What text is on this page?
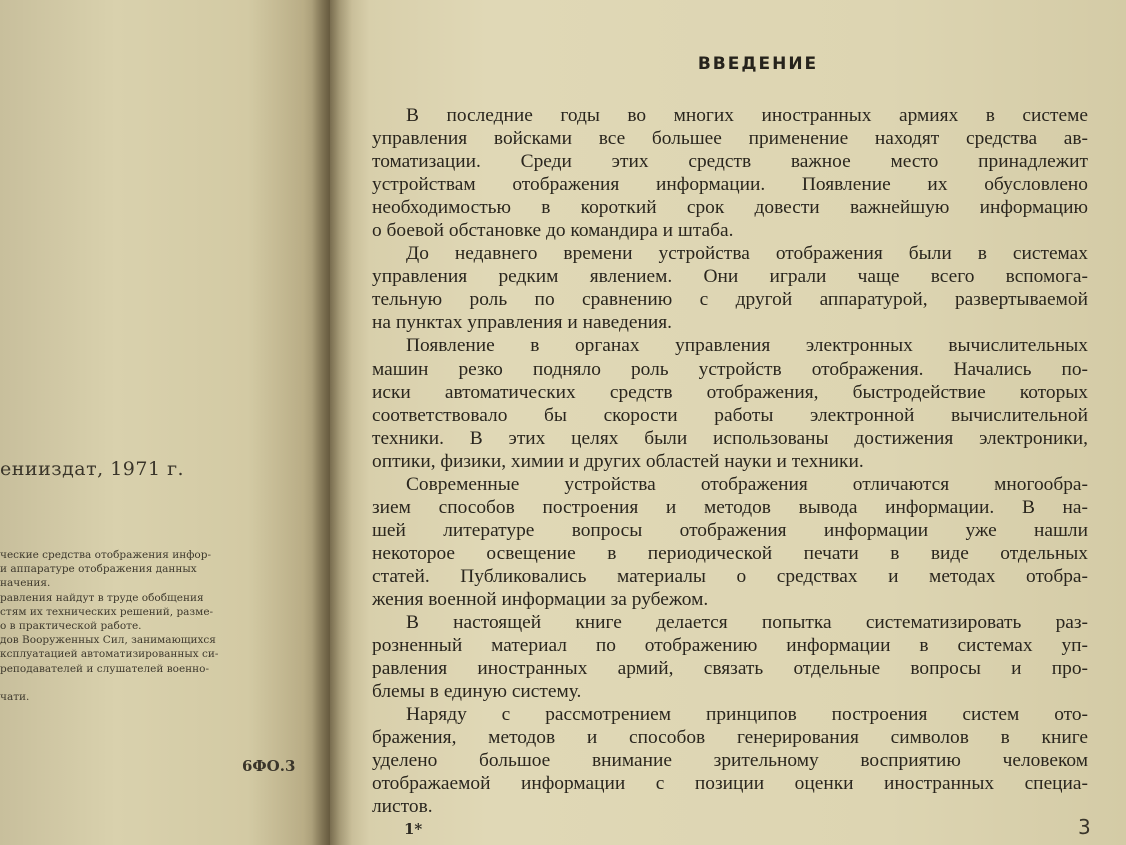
енииздат, 1971 г.
ческие средства отображения инфор-
и аппаратуре отображения данных
начения.
равления найдут в труде обобщения
стям их технических решений, разме-
о в практической работе.
дов Вооруженных Сил, занимающихся
ксплуатацией автоматизированных си-
реподавателей и слушателей военно-

чати.
6ФО.3
ВВЕДЕНИЕ
В последние годы во многих иностранных армиях в системе
управления войсками все большее применение находят средства ав-
томатизации. Среди этих средств важное место принадлежит
устройствам отображения информации. Появление их обусловлено
необходимостью в короткий срок довести важнейшую информацию
о боевой обстановке до командира и штаба.
До недавнего времени устройства отображения были в системах
управления редким явлением. Они играли чаще всего вспомога-
тельную роль по сравнению с другой аппаратурой, развертываемой
на пунктах управления и наведения.
Появление в органах управления электронных вычислительных
машин резко подняло роль устройств отображения. Начались по-
иски автоматических средств отображения, быстродействие которых
соответствовало бы скорости работы электронной вычислительной
техники. В этих целях были использованы достижения электроники,
оптики, физики, химии и других областей науки и техники.
Современные устройства отображения отличаются многообра-
зием способов построения и методов вывода информации. В на-
шей литературе вопросы отображения информации уже нашли
некоторое освещение в периодической печати в виде отдельных
статей. Публиковались материалы о средствах и методах отобра-
жения военной информации за рубежом.
В настоящей книге делается попытка систематизировать раз-
розненный материал по отображению информации в системах уп-
равления иностранных армий, связать отдельные вопросы и про-
блемы в единую систему.
Наряду с рассмотрением принципов построения систем ото-
бражения, методов и способов генерирования символов в книге
уделено большое внимание зрительному восприятию человеком
отображаемой информации с позиции оценки иностранных специа-
листов.
1*	3
